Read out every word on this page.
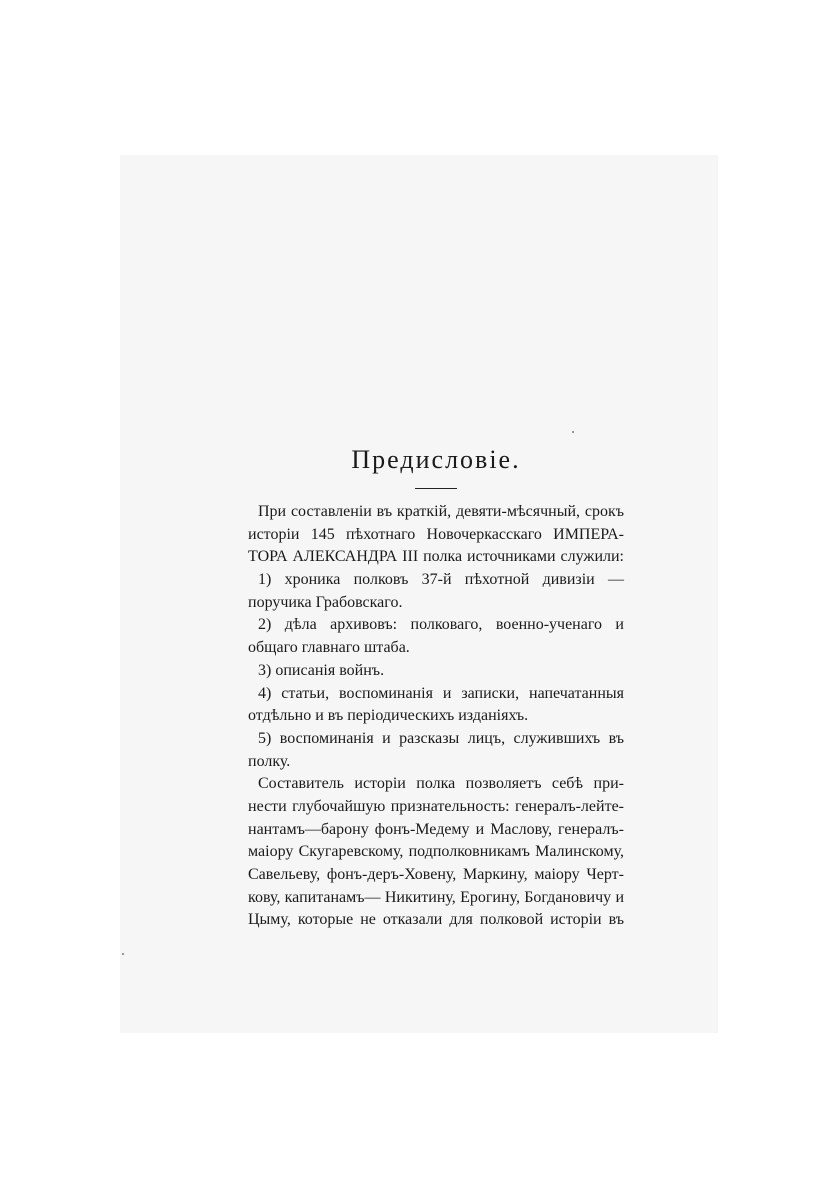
Предисловіе.
При составленіи въ краткій, девяти-мѣсячный, срокъ
исторіи 145 пѣхотнаго Новочеркасскаго ИМПЕРА-
ТОРА АЛЕКСАНДРА III полка источниками служили:
1) хроника полковъ 37-й пѣхотной дивизіи —
поручика Грабовскаго.
2) дѣла архивовъ: полковаго, военно-ученаго и
общаго главнаго штаба.
3) описанія войнъ.
4) статьи, воспоминанія и записки, напечатанныя
отдѣльно и въ періодическихъ изданіяхъ.
5) воспоминанія и разсказы лицъ, служившихъ въ
полку.
Составитель исторіи полка позволяетъ себѣ при-
нести глубочайшую признательность: генералъ-лейте-
нантамъ—барону фонъ-Медему и Маслову, генералъ-
маіору Скугаревскому, подполковникамъ Малинскому,
Савельеву, фонъ-деръ-Ховену, Маркину, маіору Черт-
кову, капитанамъ— Никитину, Ерогину, Богдановичу и
Цыму, которые не отказали для полковой исторіи въ
